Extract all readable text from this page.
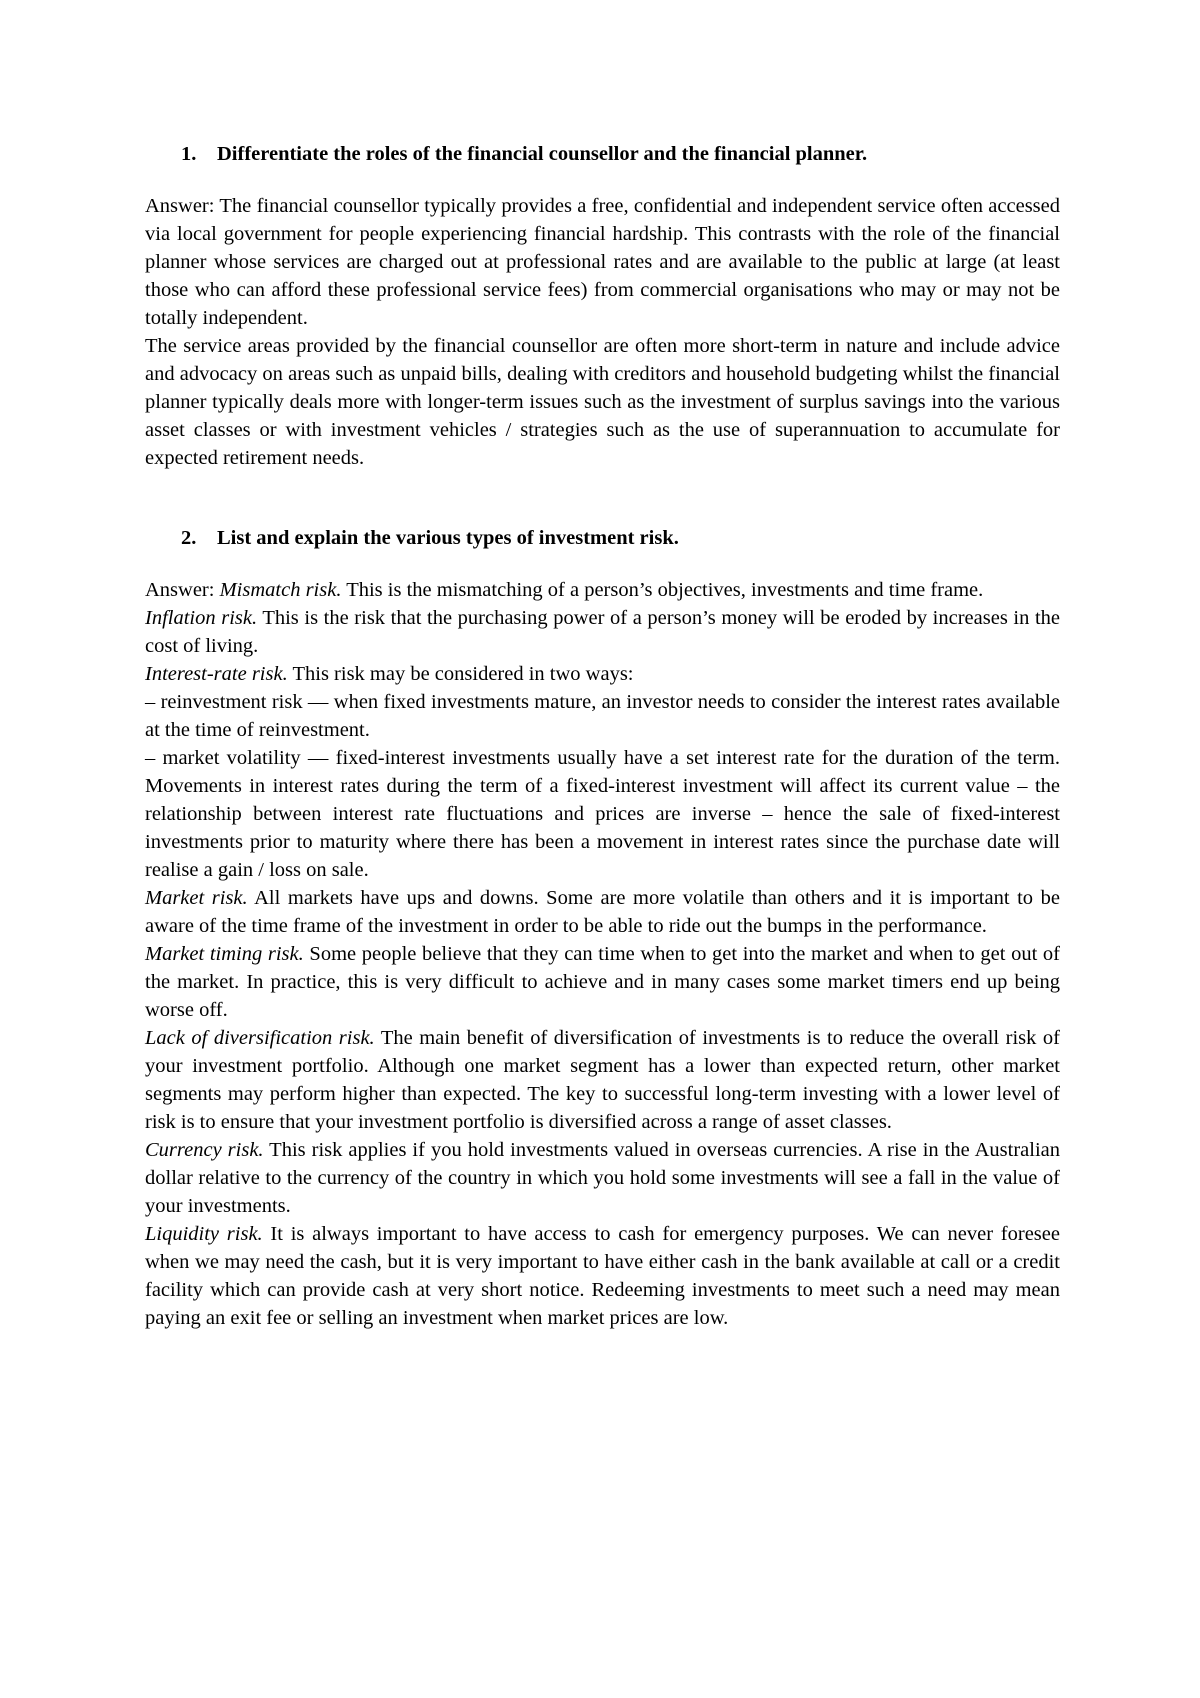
1.	Differentiate the roles of the financial counsellor and the financial planner.

Answer: The financial counsellor typically provides a free, confidential and independent service often accessed via local government for people experiencing financial hardship. This contrasts with the role of the financial planner whose services are charged out at professional rates and are available to the public at large (at least those who can afford these professional service fees) from commercial organisations who may or may not be totally independent.

The service areas provided by the financial counsellor are often more short-term in nature and include advice and advocacy on areas such as unpaid bills, dealing with creditors and household budgeting whilst the financial planner typically deals more with longer-term issues such as the investment of surplus savings into the various asset classes or with investment vehicles / strategies such as the use of superannuation to accumulate for expected retirement needs.

2.	List and explain the various types of investment risk.

Answer: Mismatch risk. This is the mismatching of a person’s objectives, investments and time frame.

Inflation risk. This is the risk that the purchasing power of a person’s money will be eroded by increases in the cost of living.

Interest-rate risk. This risk may be considered in two ways:

– reinvestment risk — when fixed investments mature, an investor needs to consider the interest rates available at the time of reinvestment.

– market volatility — fixed-interest investments usually have a set interest rate for the duration of the term. Movements in interest rates during the term of a fixed-interest investment will affect its current value – the relationship between interest rate fluctuations and prices are inverse – hence the sale of fixed-interest investments prior to maturity where there has been a movement in interest rates since the purchase date will realise a gain / loss on sale.

Market risk. All markets have ups and downs. Some are more volatile than others and it is important to be aware of the time frame of the investment in order to be able to ride out the bumps in the performance.

Market timing risk. Some people believe that they can time when to get into the market and when to get out of the market. In practice, this is very difficult to achieve and in many cases some market timers end up being worse off.

Lack of diversification risk. The main benefit of diversification of investments is to reduce the overall risk of your investment portfolio. Although one market segment has a lower than expected return, other market segments may perform higher than expected. The key to successful long-term investing with a lower level of risk is to ensure that your investment portfolio is diversified across a range of asset classes.

Currency risk. This risk applies if you hold investments valued in overseas currencies. A rise in the Australian dollar relative to the currency of the country in which you hold some investments will see a fall in the value of your investments.

Liquidity risk. It is always important to have access to cash for emergency purposes. We can never foresee when we may need the cash, but it is very important to have either cash in the bank available at call or a credit facility which can provide cash at very short notice. Redeeming investments to meet such a need may mean paying an exit fee or selling an investment when market prices are low.
